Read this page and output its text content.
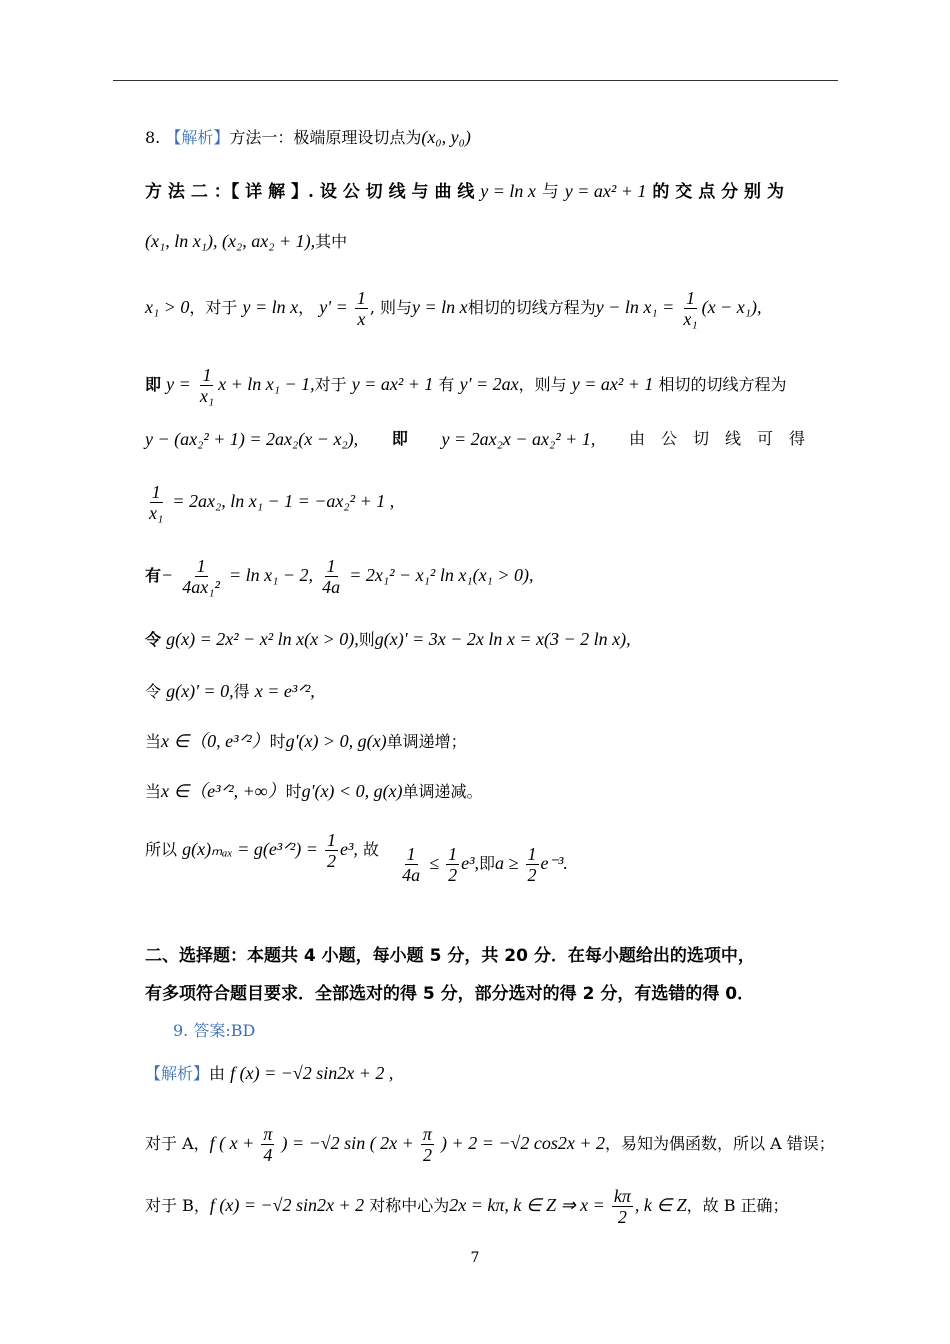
8. 【解析】方法一：极端原理设切点为(x₀, y₀)
方 法 二 ：【 详 解 】. 设 公 切 线 与 曲 线 y = ln x 与 y = ax² + 1 的 交 点 分 别 为
(x₁, ln x₁), (x₂, ax₂ + 1),其中
x₁ > 0，对于 y = ln x， $y' = \frac{1}{x}$ , 则与y = ln x相切的切线方程为$y - \ln x_1 = \frac{1}{\text{x₁}} (x - x_1)$,
即 $y = \frac{1}{\text{x₁}}$ x + ln x₁ − 1,对于 y = ax² + 1 有 y' = 2ax，则与 y = ax² + 1 相切的切线方程为
y − (ax₂² + 1) = 2ax₂(x − x₂), 即 y = 2ax₂x − ax₂² + 1, 由　公　切　线　可　得
$\frac{1}{\text{x₁}} = 2ax_2$, ln x₁ − 1 = −ax₂² + 1 ,
有− $\frac{1}{\text{4ax₁²}} = \ln x_1 - 2$, $\frac{1}{4a} = 2x_1^2 - x_1^2$ ln x₁(x₁ > 0),
令 g(x) = 2x² − x² ln x(x > 0),则g(x)' = 3x − 2x ln x = x(3 − 2 ln x),
令 g(x)' = 0,得 x = e³ᐟ²,
当x ∈（0, e³ᐟ²）时g'(x) > 0, g(x)单调递增；
当x ∈（e³ᐟ², +∞）时g'(x) < 0, g(x)单调递减。
所以 g(x)ₘₐₓ = g(e³ᐟ²) = $\frac{1}{2} e^3$, 故 $\frac{1}{4a} \le \frac{1}{2} e^3$,即$a \ge \frac{1}{2} e^{-3}$.
二、选择题：本题共 4 小题，每小题 5 分，共 20 分．在每小题给出的选项中，
有多项符合题目要求．全部选对的得 5 分，部分选对的得 2 分，有选错的得 0．
9. 答案:BD
【解析】由 f (x) = −√2 sin2x + 2 ,
对于 A，f ( $x + \frac{\pi}{4}$ ) = −√2 sin ( $2x + \frac{\pi}{2}$ ) + 2 = −√2 cos2x + 2，易知为偶函数，所以 A 错误；
对于 B，f (x) = −√2 sin2x + 2 对称中心为2x = kπ, k ∈ Z ⇒ $x = \frac{k\pi}{2}$ , k ∈ Z，故 B 正确；
7
